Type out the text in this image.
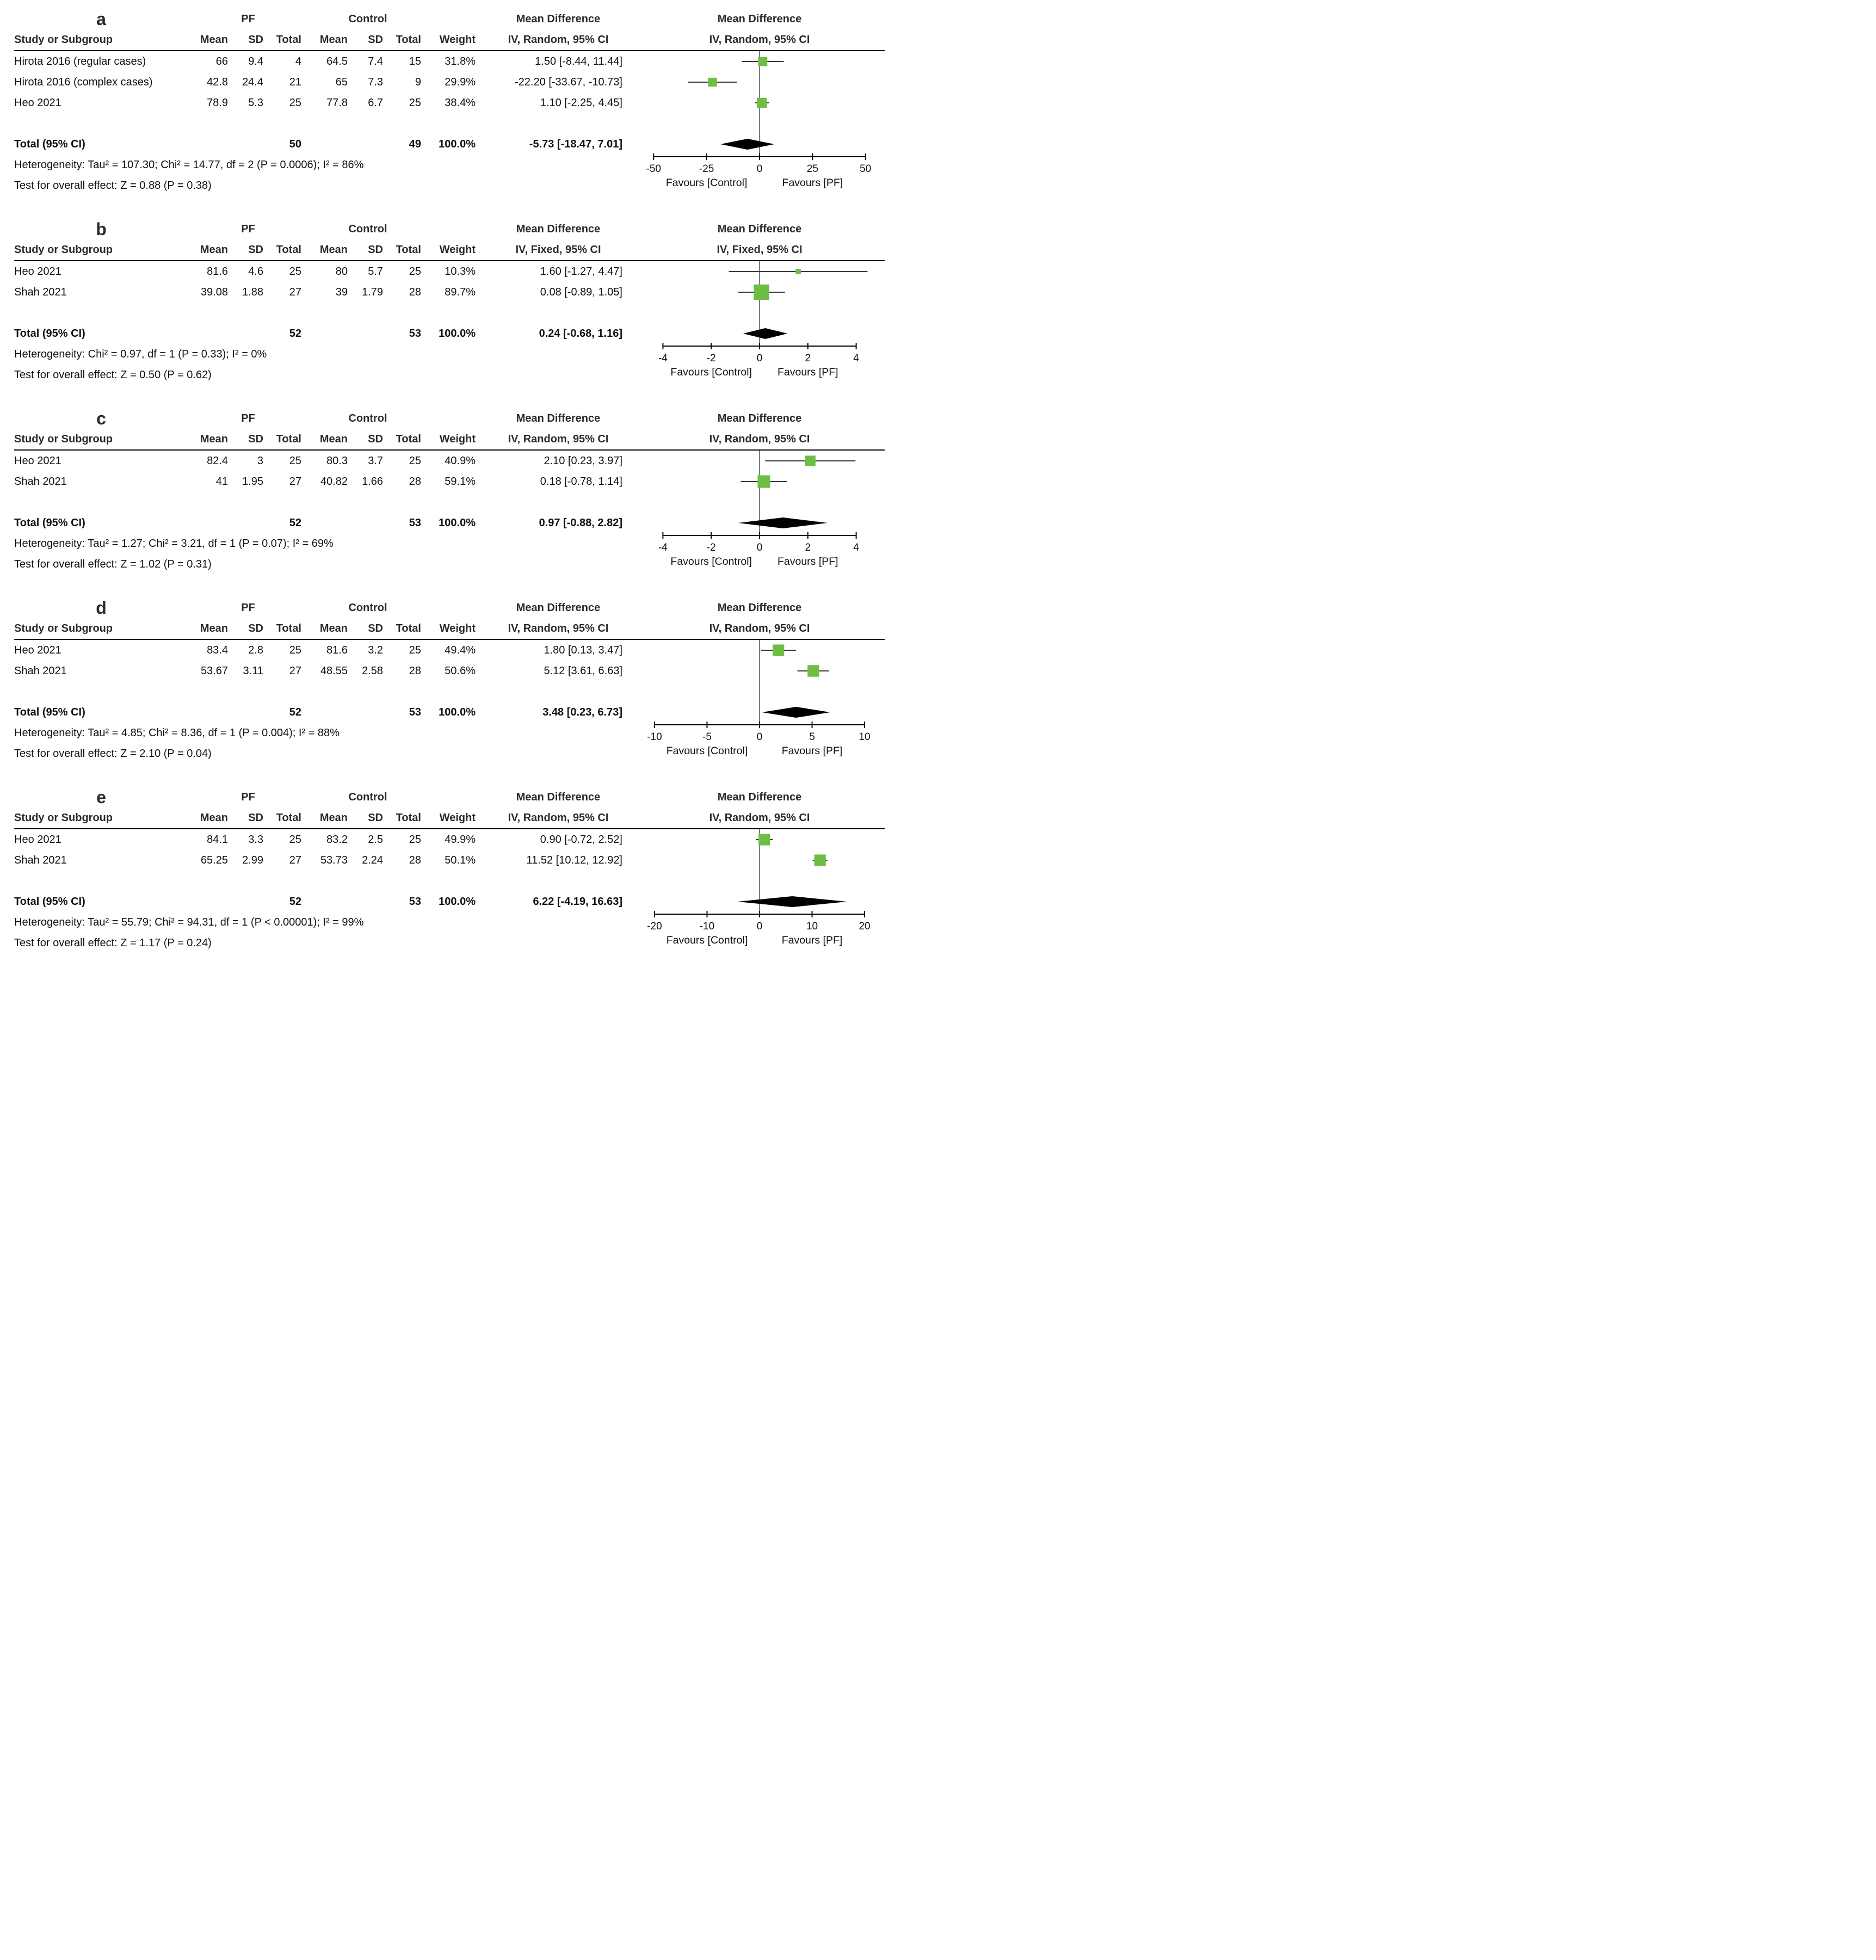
a	PF			Control				Mean Difference	Mean Difference
Study or Subgroup	Mean	SD	Total	Mean	SD	Total	Weight	IV, Random, 95% CI	IV, Random, 95% CI
Hirota 2016 (regular cases)	66	9.4	4	64.5	7.4	15	31.8%	1.50 [-8.44, 11.44]	
-50	-25	0	25	50
Favours [Control]	Favours [PF]

Hirota 2016 (complex cases)	42.8	24.4	21	65	7.3	9	29.9%	-22.20 [-33.67, -10.73]	
Heo 2021	78.9	5.3	25	77.8	6.7	25	38.4%	1.10 [-2.25, 4.45]	

Total (95% CI)			50			49	100.0%	-5.73 [-18.47, 7.01]	
Heterogeneity: Tau² = 107.30; Chi² = 14.77, df = 2 (P = 0.0006); I² = 86%									
Test for overall effect: Z = 0.88 (P = 0.38)									
b	PF			Control				Mean Difference	Mean Difference
Study or Subgroup	Mean	SD	Total	Mean	SD	Total	Weight	IV, Fixed, 95% CI	IV, Fixed, 95% CI
Heo 2021	81.6	4.6	25	80	5.7	25	10.3%	1.60 [-1.27, 4.47]	
-4	-2	0	2	4
Favours [Control] Favours [PF]

Shah 2021	39.08	1.88	27	39	1.79	28	89.7%	0.08 [-0.89, 1.05]	

Total (95% CI)			52			53	100.0%	0.24 [-0.68, 1.16]	
Heterogeneity: Chi² = 0.97, df = 1 (P = 0.33); I² = 0%									
Test for overall effect: Z = 0.50 (P = 0.62)									
c	PF			Control				Mean Difference	Mean Difference
Study or Subgroup	Mean	SD	Total	Mean	SD	Total	Weight	IV, Random, 95% CI	IV, Random, 95% CI
Heo 2021	82.4	3	25	80.3	3.7	25	40.9%	2.10 [0.23, 3.97]	
-4	-2	0	2	4
Favours [Control] Favours [PF]

Shah 2021	41	1.95	27	40.82	1.66	28	59.1%	0.18 [-0.78, 1.14]	

Total (95% CI)			52			53	100.0%	0.97 [-0.88, 2.82]	
Heterogeneity: Tau² = 1.27; Chi² = 3.21, df = 1 (P = 0.07); I² = 69%									
Test for overall effect: Z = 1.02 (P = 0.31)									
d	PF			Control				Mean Difference	Mean Difference
Study or Subgroup	Mean	SD	Total	Mean	SD	Total	Weight	IV, Random, 95% CI	IV, Random, 95% CI
Heo 2021	83.4	2.8	25	81.6	3.2	25	49.4%	1.80 [0.13, 3.47]	
-10	-5	0	5	10
Favours [Control]	Favours [PF]

Shah 2021	53.67	3.11	27	48.55	2.58	28	50.6%	5.12 [3.61, 6.63]	

Total (95% CI)			52			53	100.0%	3.48 [0.23, 6.73]	
Heterogeneity: Tau² = 4.85; Chi² = 8.36, df = 1 (P = 0.004); I² = 88%									
Test for overall effect: Z = 2.10 (P = 0.04)									
e	PF			Control				Mean Difference	Mean Difference
Study or Subgroup	Mean	SD	Total	Mean	SD	Total	Weight	IV, Random, 95% CI	IV, Random, 95% CI
Heo 2021	84.1	3.3	25	83.2	2.5	25	49.9%	0.90 [-0.72, 2.52]	
-20	-10	0	10	20
Favours [Control]	Favours [PF]

Shah 2021	65.25	2.99	27	53.73	2.24	28	50.1%	11.52 [10.12, 12.92]	

Total (95% CI)			52			53	100.0%	6.22 [-4.19, 16.63]	
Heterogeneity: Tau² = 55.79; Chi² = 94.31, df = 1 (P < 0.00001); I² = 99%									
Test for overall effect: Z = 1.17 (P = 0.24)									
